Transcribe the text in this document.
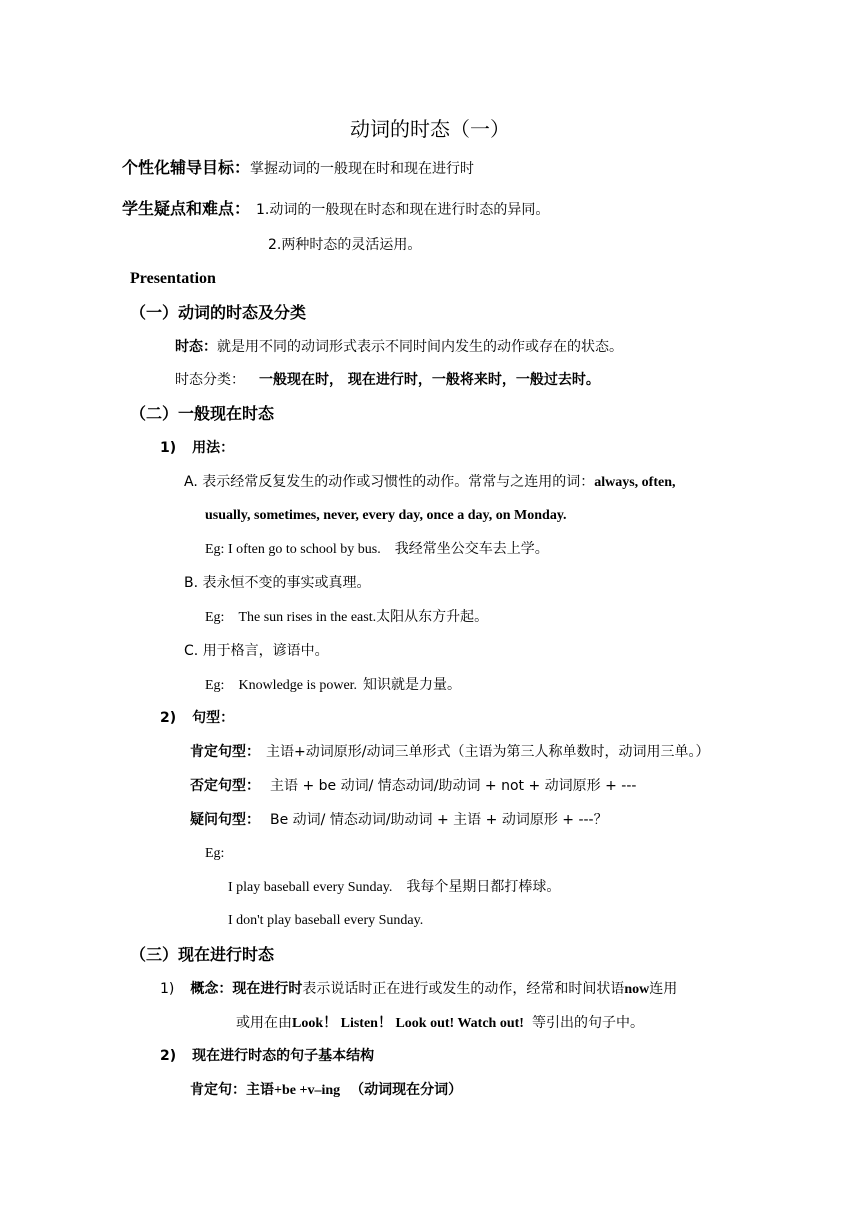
动词的时态（一）
个性化辅导目标：掌握动词的一般现在时和现在进行时
学生疑点和难点： 1.动词的一般现在时态和现在进行时态的异同。
2.两种时态的灵活运用。
Presentation
（一）动词的时态及分类
时态：就是用不同的动词形式表示不同时间内发生的动作或存在的状态。
时态分类： 一般现在时， 现在进行时，一般将来时，一般过去时。
（二）一般现在时态
1) 用法：
A. 表示经常反复发生的动作或习惯性的动作。常常与之连用的词：always, often,
usually, sometimes, never, every day, once a day, on Monday.
Eg: I often go to school by bus. 我经常坐公交车去上学。
B. 表永恒不变的事实或真理。
Eg: The sun rises in the east.太阳从东方升起。
C. 用于格言，谚语中。
Eg: Knowledge is power. 知识就是力量。
2) 句型：
肯定句型： 主语+动词原形/动词三单形式（主语为第三人称单数时，动词用三单。）
否定句型： 主语 + be 动词/ 情态动词/助动词 + not + 动词原形 + ---
疑问句型： Be 动词/ 情态动词/助动词 + 主语 + 动词原形 + ---？
Eg:
I play baseball every Sunday. 我每个星期日都打棒球。
I don't play baseball every Sunday.
（三）现在进行时态
1) 概念：现在进行时表示说话时正在进行或发生的动作，经常和时间状语now连用
或用在由Look！ Listen！ Look out! Watch out! 等引出的句子中。
2) 现在进行时态的句子基本结构
肯定句：主语+be +v–ing （动词现在分词）
